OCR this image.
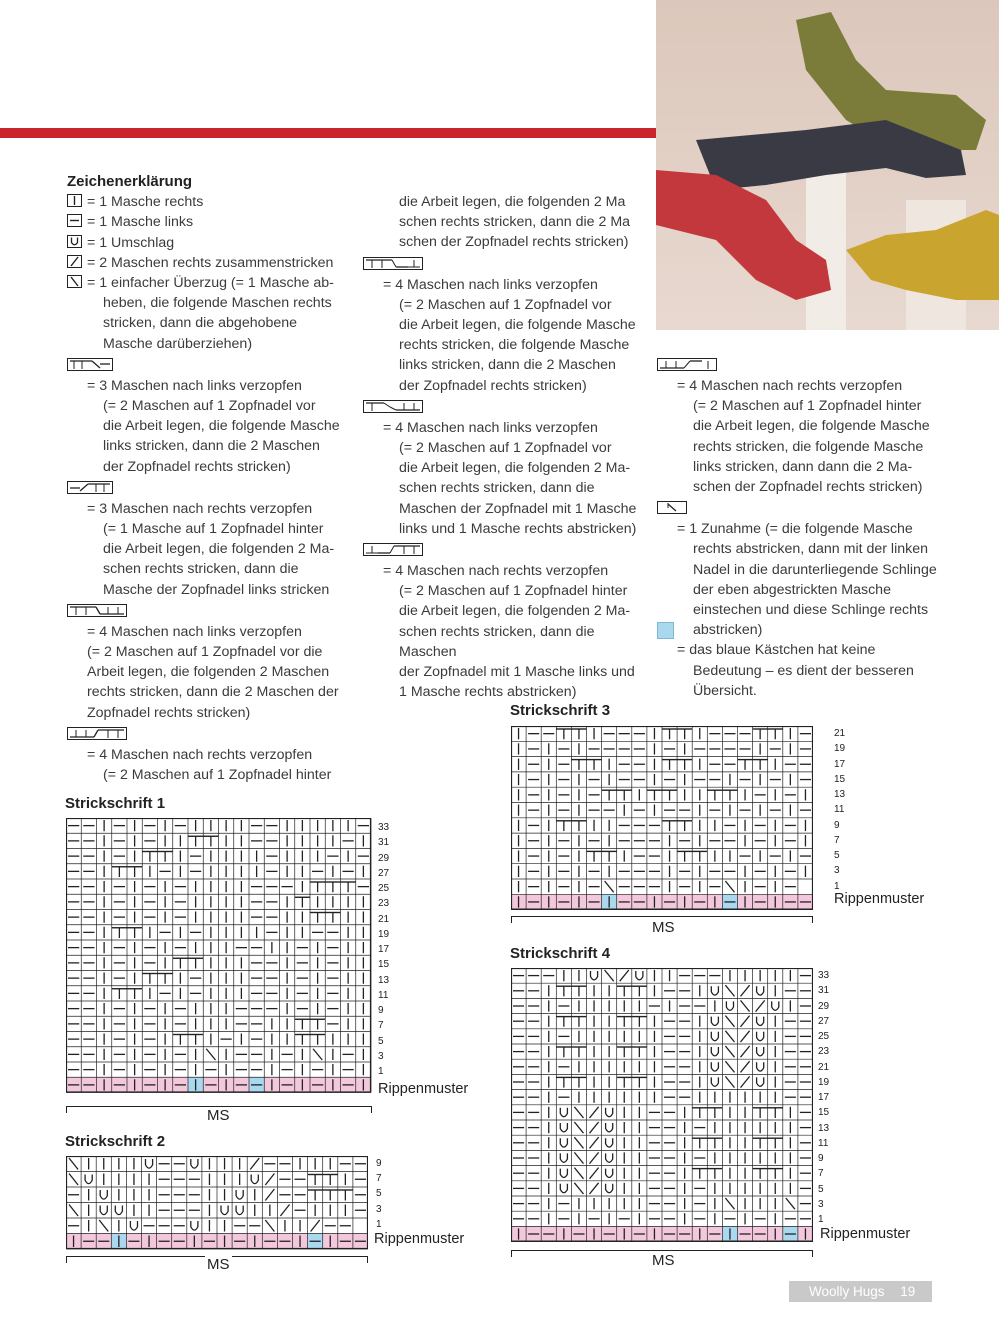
Zeichenerklärung

= 1 Masche rechts
= 1 Masche links
= 1 Umschlag
= 2 Maschen rechts zusammenstricken

= 1 einfacher Überzug (= 1 Masche ab-

heben, die folgende Maschen rechts

stricken, dann die abgehobene

Masche darüberziehen)

= 3 Maschen nach links verzopfen

(= 2 Maschen auf 1 Zopfnadel vor

die Arbeit legen, die folgende Masche

links stricken, dann die 2 Maschen

der Zopfnadel rechts stricken)

= 3 Maschen nach rechts verzopfen

(= 1 Masche auf 1 Zopfnadel hinter

die Arbeit legen, die folgenden 2 Ma-

schen rechts stricken, dann die

Masche der Zopfnadel links stricken

= 4 Maschen nach links verzopfen

(= 2 Maschen auf 1 Zopfnadel vor die

Arbeit legen, die folgenden 2 Maschen

rechts stricken, dann die 2 Maschen der

Zopfnadel rechts stricken)

= 4 Maschen nach rechts verzopfen

(= 2 Maschen auf 1 Zopfnadel hinter

die Arbeit legen, die folgenden 2 Ma

schen rechts stricken, dann die 2 Ma

schen der Zopfnadel rechts stricken)

= 4 Maschen nach links verzopfen

(= 2 Maschen auf 1 Zopfnadel vor

die Arbeit legen, die folgende Masche

rechts stricken, die folgende Masche

links stricken, dann die 2 Maschen

der Zopfnadel rechts stricken)

= 4 Maschen nach links verzopfen

(= 2 Maschen auf 1 Zopfnadel vor

die Arbeit legen, die folgenden 2 Ma-

schen rechts stricken, dann die

Maschen der Zopfnadel mit 1 Masche

links und 1 Masche rechts abstricken)

= 4 Maschen nach rechts verzopfen

(= 2 Maschen auf 1 Zopfnadel hinter

die Arbeit legen, die folgenden 2 Ma-

schen rechts stricken, dann die Maschen

der Zopfnadel mit 1 Masche links und

1 Masche rechts abstricken)

= 4 Maschen nach rechts verzopfen

(= 2 Maschen auf 1 Zopfnadel hinter

die Arbeit legen, die folgende Masche

rechts stricken, die folgende Masche

links stricken, dann dann die 2 Ma-

schen der Zopfnadel rechts stricken)

= 1 Zunahme (= die folgende Masche

rechts abstricken, dann mit der linken

Nadel in die darunterliegende Schlinge

der eben abgestrickten Masche

einstechen und diese Schlinge rechts

abstricken)

= das blaue Kästchen hat keine

Bedeutung – es dient der besseren

Übersicht.

Strickschrift 1
33
31
29
27
25
23
21
19
17
15
13
11
9
7
5
3
1
Rippenmuster
MS
Strickschrift 2
9
7
5
3
1
Rippenmuster
MS
Strickschrift 3
21
19
17
15
13
11
9
7
5
3
1
Rippenmuster
MS
Strickschrift 4
33
31
29
27
25
23
21
19
17
15
13
11
9
7
5
3
1
Rippenmuster
MS
Woolly Hugs 19
